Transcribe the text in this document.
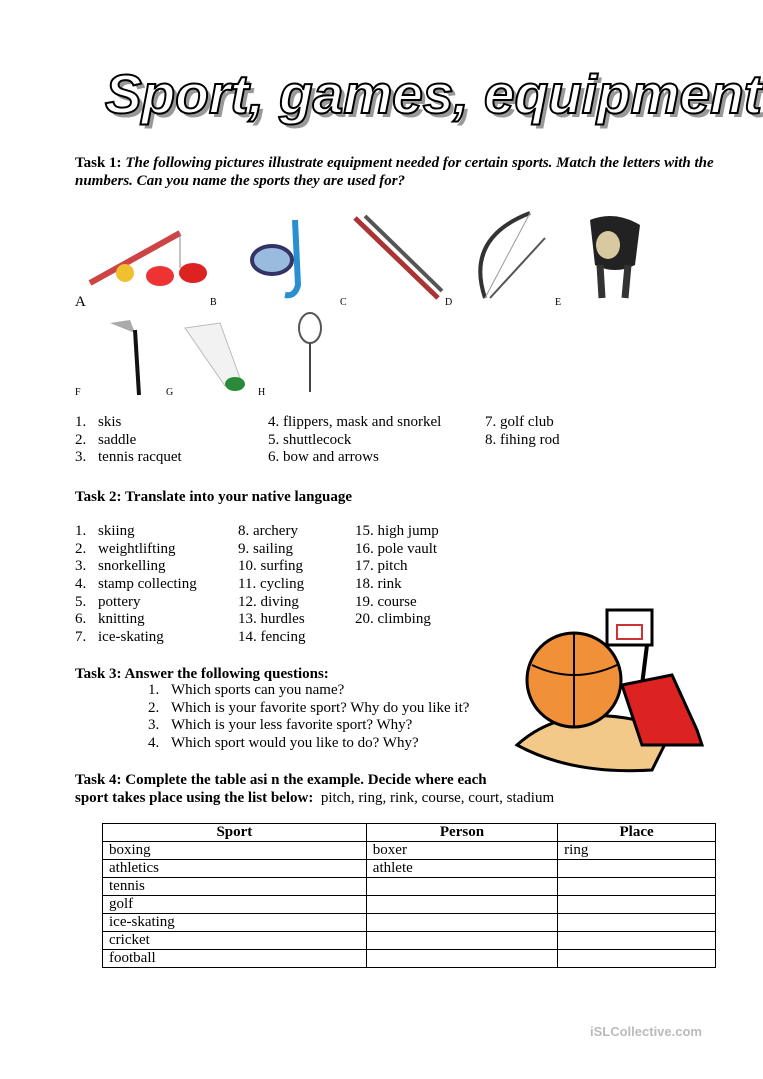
Sport, games, equipment
Task 1: The following pictures illustrate equipment needed for certain sports. Match the letters with the numbers. Can you name the sports they are used for?
A	B	C	D	E
F	G	H
1. skis
2. saddle
3. tennis racquet
4. flippers, mask and snorkel
5. shuttlecock
6. bow and arrows
7. golf club
8. fihing rod
Task 2: Translate into your native language
1. skiing
2. weightlifting
3. snorkelling
4. stamp collecting
5. pottery
6. knitting
7. ice-skating
8. archery
9. sailing
10. surfing
11. cycling
12. diving
13. hurdles
14. fencing
15. high jump
16. pole vault
17. pitch
18. rink
19. course
20. climbing
Task 3: Answer the following questions:
1. Which sports can you name?
2. Which is your favorite sport? Why do you like it?
3. Which is your less favorite sport? Why?
4. Which sport would you like to do? Why?
Task 4: Complete the table asi n the example. Decide where each
sport takes place using the list below: pitch, ring, rink, course, court, stadium
Sport	Person	Place
boxing	boxer	ring
athletics	athlete	
tennis		
golf		
ice-skating		
cricket		
football		
iSLCollective.com
